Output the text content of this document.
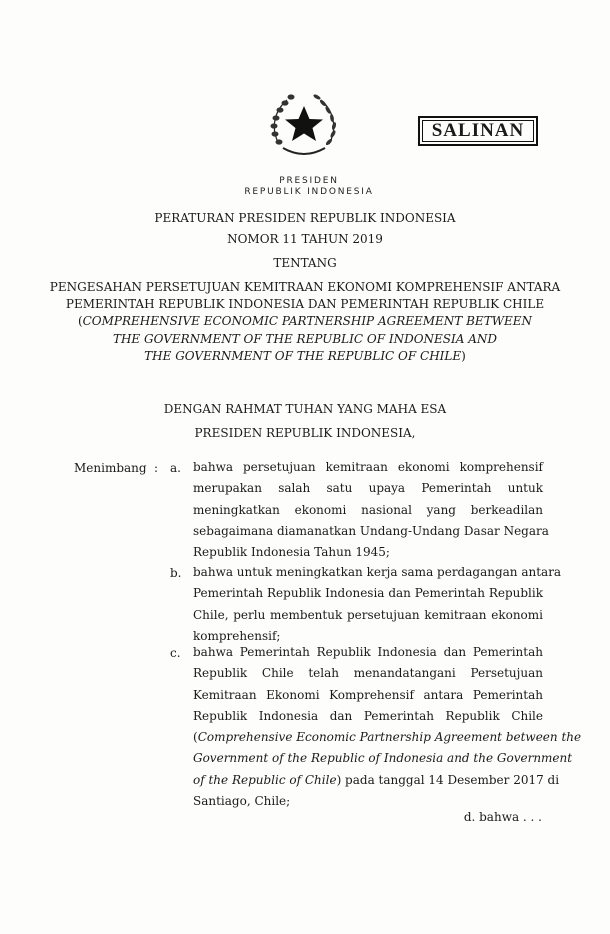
SALINAN
PRESIDEN
REPUBLIK INDONESIA
PERATURAN PRESIDEN REPUBLIK INDONESIA
NOMOR 11 TAHUN 2019
TENTANG
PENGESAHAN PERSETUJUAN KEMITRAAN EKONOMI KOMPREHENSIF ANTARA
PEMERINTAH REPUBLIK INDONESIA DAN PEMERINTAH REPUBLIK CHILE
(COMPREHENSIVE ECONOMIC PARTNERSHIP AGREEMENT BETWEEN
THE GOVERNMENT OF THE REPUBLIC OF INDONESIA AND
THE GOVERNMENT OF THE REPUBLIC OF CHILE)
DENGAN RAHMAT TUHAN YANG MAHA ESA
PRESIDEN REPUBLIK INDONESIA,
Menimbang : a. bahwa persetujuan kemitraan ekonomi komprehensif
merupakan salah satu upaya Pemerintah untuk
meningkatkan ekonomi nasional yang berkeadilan
sebagaimana diamanatkan Undang-Undang Dasar Negara
Republik Indonesia Tahun 1945;
b. bahwa untuk meningkatkan kerja sama perdagangan antara
Pemerintah Republik Indonesia dan Pemerintah Republik
Chile, perlu membentuk persetujuan kemitraan ekonomi
komprehensif;
c. bahwa Pemerintah Republik Indonesia dan Pemerintah
Republik Chile telah menandatangani Persetujuan
Kemitraan Ekonomi Komprehensif antara Pemerintah
Republik Indonesia dan Pemerintah Republik Chile
(Comprehensive Economic Partnership Agreement between the
Government of the Republic of Indonesia and the Government
of the Republic of Chile) pada tanggal 14 Desember 2017 di
Santiago, Chile;
d. bahwa . . .
